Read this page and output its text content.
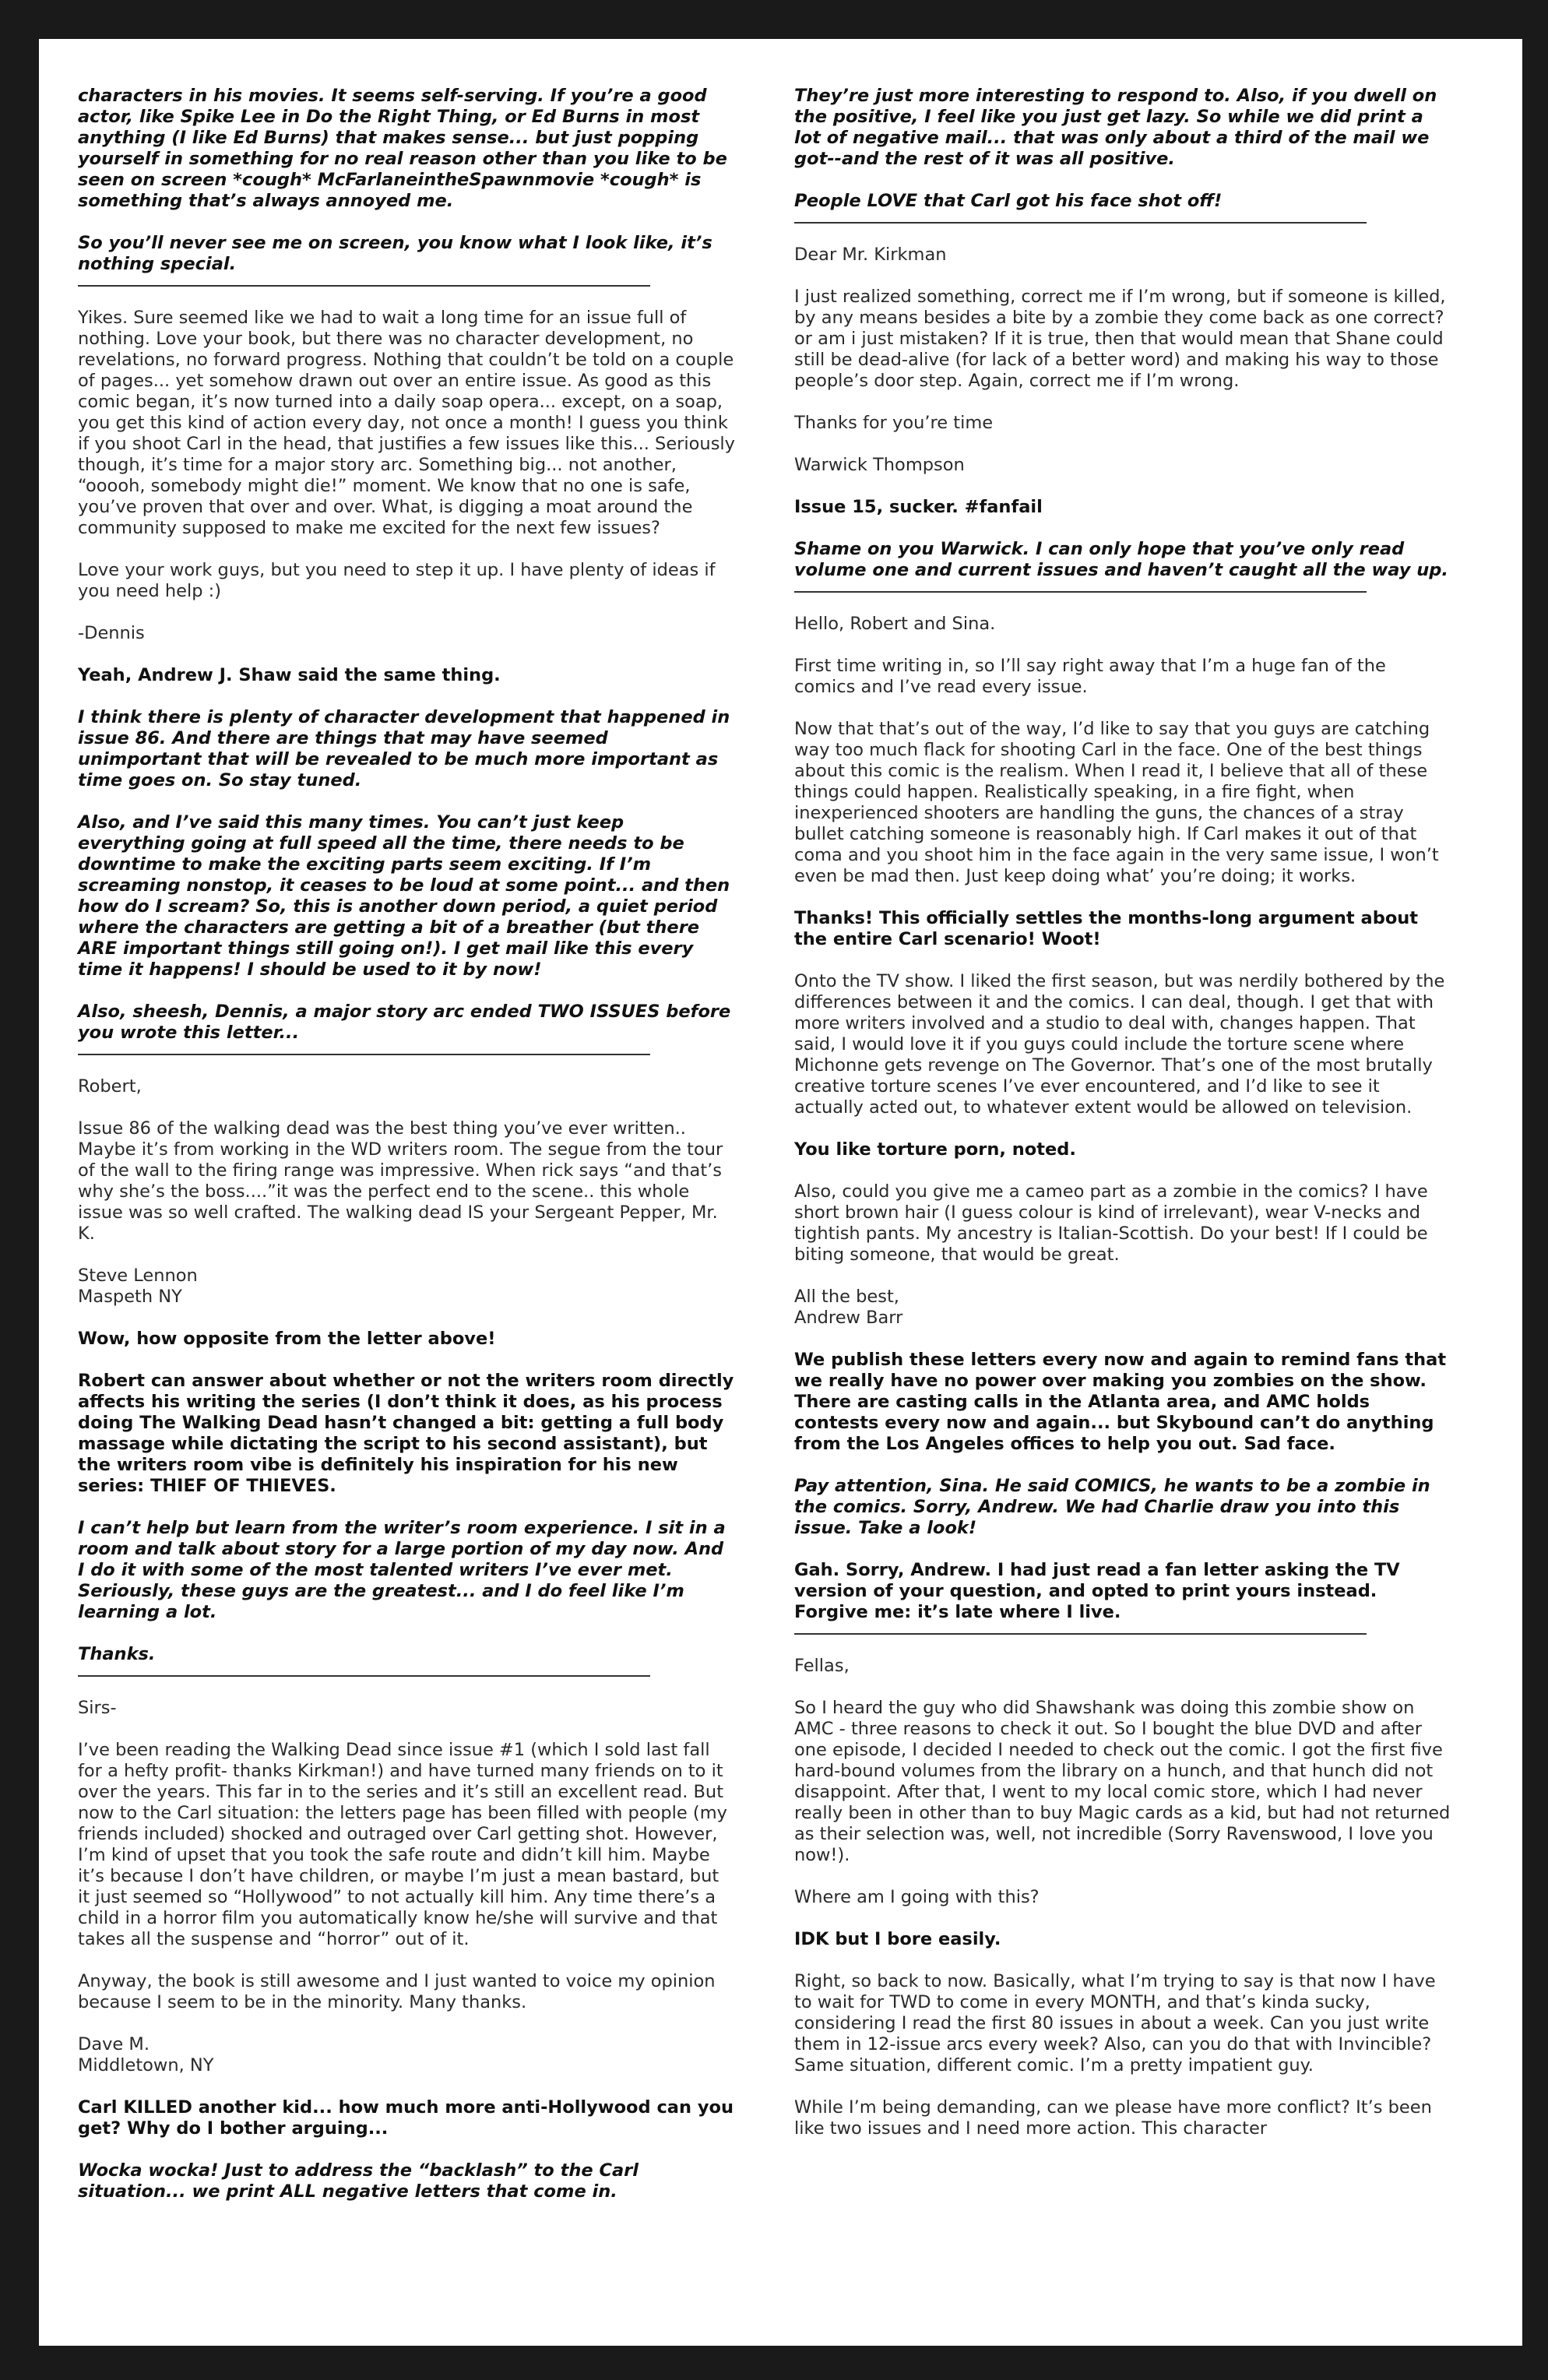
characters in his movies. It seems self-serving. If you’re a good actor, like Spike Lee in Do the Right Thing, or Ed Burns in most anything (I like Ed Burns) that makes sense... but just popping yourself in something for no real reason other than you like to be seen on screen *cough* McFarlaneintheSpawnmovie *cough* is something that’s always annoyed me.

So you’ll never see me on screen, you know what I look like, it’s nothing special.

Yikes. Sure seemed like we had to wait a long time for an issue full of nothing. Love your book, but there was no character development, no revelations, no forward progress. Nothing that couldn’t be told on a couple of pages... yet somehow drawn out over an entire issue. As good as this comic began, it’s now turned into a daily soap opera... except, on a soap, you get this kind of action every day, not once a month! I guess you think if you shoot Carl in the head, that justifies a few issues like this... Seriously though, it’s time for a major story arc. Something big... not another, “ooooh, somebody might die!” moment. We know that no one is safe, you’ve proven that over and over. What, is digging a moat around the community supposed to make me excited for the next few issues?

Love your work guys, but you need to step it up. I have plenty of ideas if you need help :)

-Dennis

Yeah, Andrew J. Shaw said the same thing.

I think there is plenty of character development that happened in issue 86. And there are things that may have seemed unimportant that will be revealed to be much more important as time goes on. So stay tuned.

Also, and I’ve said this many times. You can’t just keep everything going at full speed all the time, there needs to be downtime to make the exciting parts seem exciting. If I’m screaming nonstop, it ceases to be loud at some point... and then how do I scream? So, this is another down period, a quiet period where the characters are getting a bit of a breather (but there ARE important things still going on!). I get mail like this every time it happens! I should be used to it by now!

Also, sheesh, Dennis, a major story arc ended TWO ISSUES before you wrote this letter...

Robert,

Issue 86 of the walking dead was the best thing you’ve ever written.. Maybe it’s from working in the WD writers room. The segue from the tour of the wall to the firing range was impressive. When rick says “and that’s why she’s the boss....”it was the perfect end to the scene.. this whole issue was so well crafted. The walking dead IS your Sergeant Pepper, Mr. K.

Steve Lennon
Maspeth NY

Wow, how opposite from the letter above!

Robert can answer about whether or not the writers room directly affects his writing the series (I don’t think it does, as his process doing The Walking Dead hasn’t changed a bit: getting a full body massage while dictating the script to his second assistant), but the writers room vibe is definitely his inspiration for his new series: THIEF OF THIEVES.

I can’t help but learn from the writer’s room experience. I sit in a room and talk about story for a large portion of my day now. And I do it with some of the most talented writers I’ve ever met. Seriously, these guys are the greatest... and I do feel like I’m learning a lot.

Thanks.

Sirs-

I’ve been reading the Walking Dead since issue #1 (which I sold last fall for a hefty profit- thanks Kirkman!) and have turned many friends on to it over the years. This far in to the series and it’s still an excellent read. But now to the Carl situation: the letters page has been filled with people (my friends included) shocked and outraged over Carl getting shot. However, I’m kind of upset that you took the safe route and didn’t kill him. Maybe it’s because I don’t have children, or maybe I’m just a mean bastard, but it just seemed so “Hollywood” to not actually kill him. Any time there’s a child in a horror film you automatically know he/she will survive and that takes all the suspense and “horror” out of it.

Anyway, the book is still awesome and I just wanted to voice my opinion because I seem to be in the minority. Many thanks.

Dave M.
Middletown, NY

Carl KILLED another kid... how much more anti-Hollywood can you get? Why do I bother arguing...

Wocka wocka! Just to address the “backlash” to the Carl situation... we print ALL negative letters that come in.

They’re just more interesting to respond to. Also, if you dwell on the positive, I feel like you just get lazy. So while we did print a lot of negative mail... that was only about a third of the mail we got--and the rest of it was all positive.

People LOVE that Carl got his face shot off!

Dear Mr. Kirkman

I just realized something, correct me if I’m wrong, but if someone is killed, by any means besides a bite by a zombie they come back as one correct? or am i just mistaken? If it is true, then that would mean that Shane could still be dead-alive (for lack of a better word) and making his way to those people’s door step. Again, correct me if I’m wrong.

Thanks for you’re time

Warwick Thompson

Issue 15, sucker. #fanfail

Shame on you Warwick. I can only hope that you’ve only read volume one and current issues and haven’t caught all the way up.

Hello, Robert and Sina.

First time writing in, so I’ll say right away that I’m a huge fan of the comics and I’ve read every issue.

Now that that’s out of the way, I’d like to say that you guys are catching way too much flack for shooting Carl in the face. One of the best things about this comic is the realism. When I read it, I believe that all of these things could happen. Realistically speaking, in a fire fight, when inexperienced shooters are handling the guns, the chances of a stray bullet catching someone is reasonably high. If Carl makes it out of that coma and you shoot him in the face again in the very same issue, I won’t even be mad then. Just keep doing what’ you’re doing; it works.

Thanks! This officially settles the months-long argument about the entire Carl scenario! Woot!

Onto the TV show. I liked the first season, but was nerdily bothered by the differences between it and the comics. I can deal, though. I get that with more writers involved and a studio to deal with, changes happen. That said, I would love it if you guys could include the torture scene where Michonne gets revenge on The Governor. That’s one of the most brutally creative torture scenes I’ve ever encountered, and I’d like to see it actually acted out, to whatever extent would be allowed on television.

You like torture porn, noted.

Also, could you give me a cameo part as a zombie in the comics? I have short brown hair (I guess colour is kind of irrelevant), wear V-necks and tightish pants. My ancestry is Italian-Scottish. Do your best! If I could be biting someone, that would be great.

All the best,
Andrew Barr

We publish these letters every now and again to remind fans that we really have no power over making you zombies on the show. There are casting calls in the Atlanta area, and AMC holds contests every now and again... but Skybound can’t do anything from the Los Angeles offices to help you out. Sad face.

Pay attention, Sina. He said COMICS, he wants to be a zombie in the comics. Sorry, Andrew. We had Charlie draw you into this issue. Take a look!

Gah. Sorry, Andrew. I had just read a fan letter asking the TV version of your question, and opted to print yours instead. Forgive me: it’s late where I live.

Fellas,

So I heard the guy who did Shawshank was doing this zombie show on AMC - three reasons to check it out. So I bought the blue DVD and after one episode, I decided I needed to check out the comic. I got the first five hard-bound volumes from the library on a hunch, and that hunch did not disappoint. After that, I went to my local comic store, which I had never really been in other than to buy Magic cards as a kid, but had not returned as their selection was, well, not incredible (Sorry Ravenswood, I love you now!).

Where am I going with this?

IDK but I bore easily.

Right, so back to now. Basically, what I’m trying to say is that now I have to wait for TWD to come in every MONTH, and that’s kinda sucky, considering I read the first 80 issues in about a week. Can you just write them in 12-issue arcs every week? Also, can you do that with Invincible? Same situation, different comic. I’m a pretty impatient guy.

While I’m being demanding, can we please have more conflict? It’s been like two issues and I need more action. This character
